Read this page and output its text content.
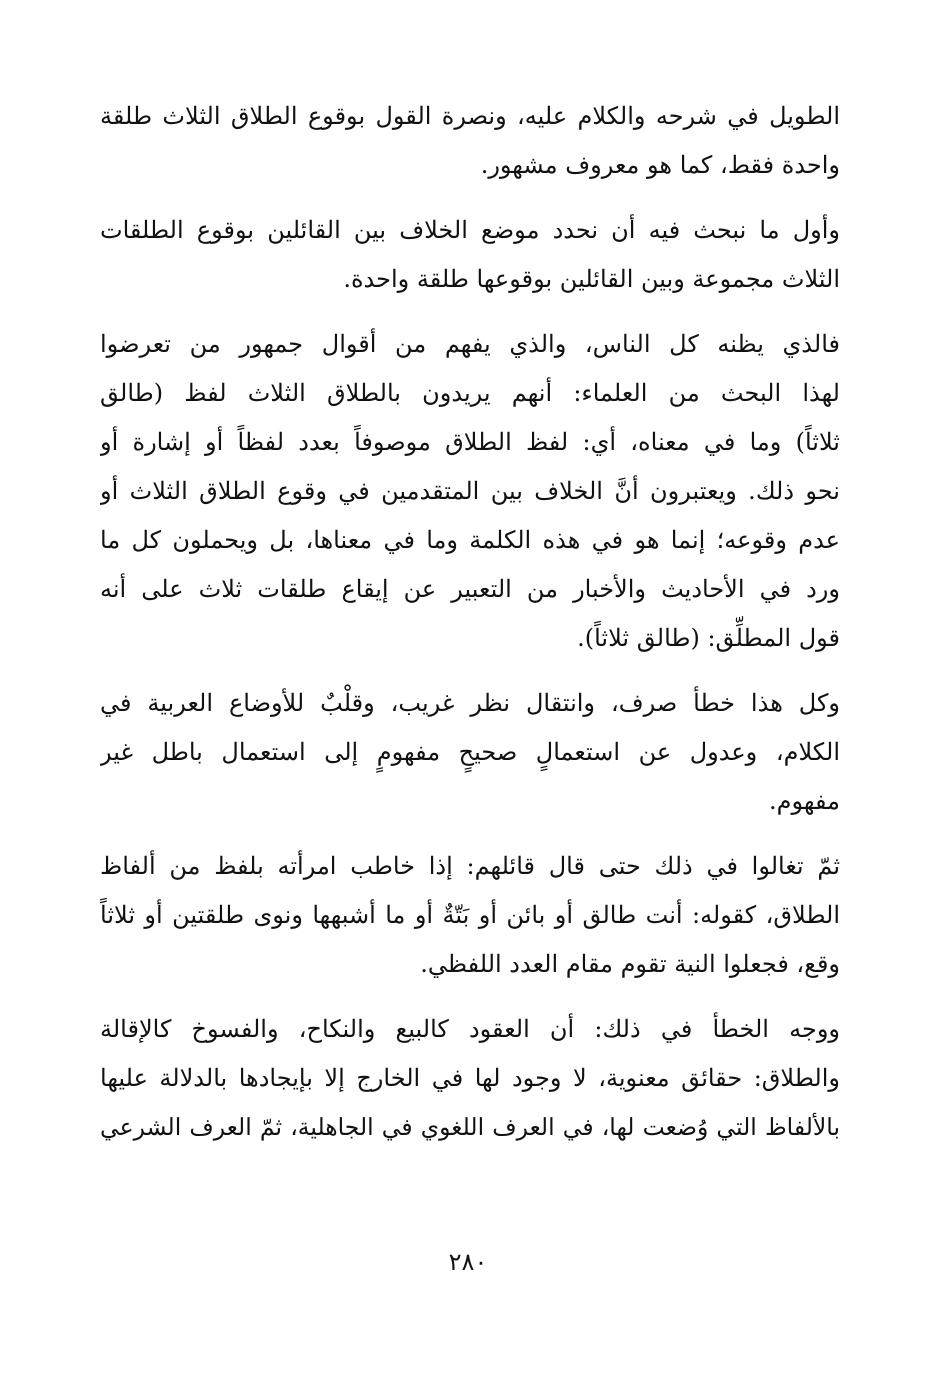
الطويل في شرحه والكلام عليه، ونصرة القول بوقوع الطلاق الثلاث طلقة
واحدة فقط، كما هو معروف مشهور.
وأول ما نبحث فيه أن نحدد موضع الخلاف بين القائلين بوقوع الطلقات
الثلاث مجموعة وبين القائلين بوقوعها طلقة واحدة.
فالذي يظنه كل الناس، والذي يفهم من أقوال جمهور من تعرضوا
لهذا البحث من العلماء: أنهم يريدون بالطلاق الثلاث لفظ (طالق
ثلاثاً) وما في معناه، أي: لفظ الطلاق موصوفاً بعدد لفظاً أو إشارة أو
نحو ذلك. ويعتبرون أنَّ الخلاف بين المتقدمين في وقوع الطلاق الثلاث أو
عدم وقوعه؛ إنما هو في هذه الكلمة وما في معناها، بل ويحملون كل ما
ورد في الأحاديث والأخبار من التعبير عن إيقاع طلقات ثلاث على أنه
قول المطلِّق: (طالق ثلاثاً).
وكل هذا خطأ صرف، وانتقال نظر غريب، وقلْبٌ للأوضاع العربية في
الكلام، وعدول عن استعمالٍ صحيحٍ مفهومٍ إلى استعمال باطل غير
مفهوم.
ثمّ تغالوا في ذلك حتى قال قائلهم: إذا خاطب امرأته بلفظ من ألفاظ
الطلاق، كقوله: أنت طالق أو بائن أو بَتّةٌ أو ما أشبهها ونوى طلقتين أو ثلاثاً
وقع، فجعلوا النية تقوم مقام العدد اللفظي.
ووجه الخطأ في ذلك: أن العقود كالبيع والنكاح، والفسوخ كالإقالة
والطلاق: حقائق معنوية، لا وجود لها في الخارج إلا بإيجادها بالدلالة عليها
بالألفاظ التي وُضعت لها، في العرف اللغوي في الجاهلية، ثمّ العرف الشرعي
٢٨٠
